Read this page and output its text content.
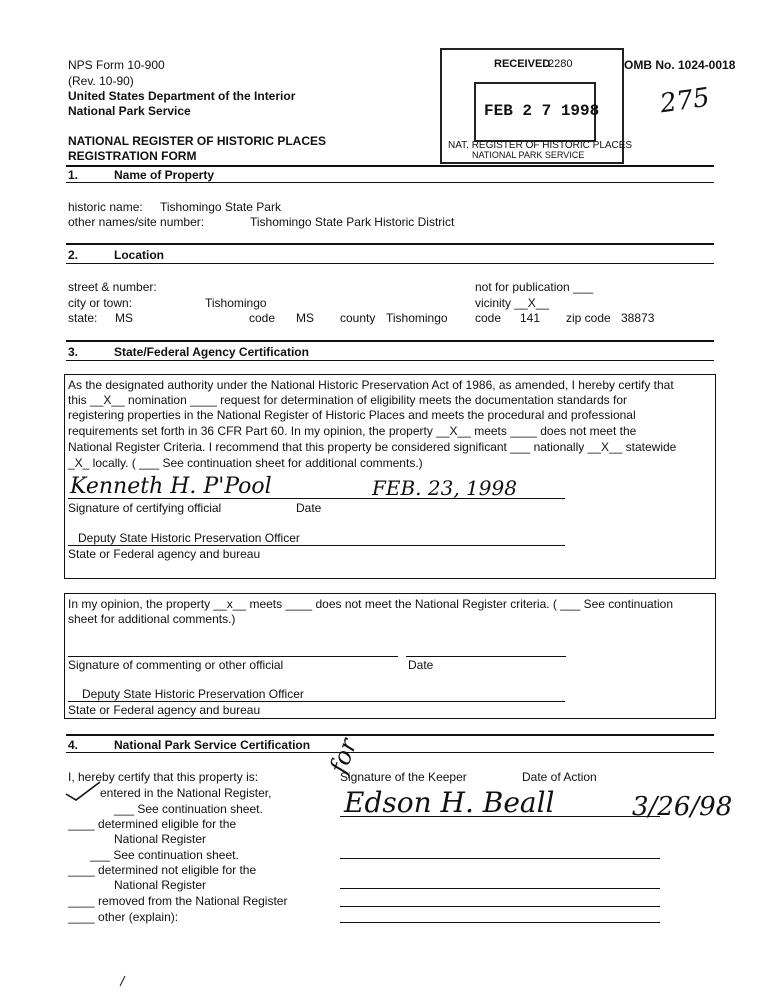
NPS Form 10-900
(Rev. 10-90)
United States Department of the Interior
National Park Service
NATIONAL REGISTER OF HISTORIC PLACES
REGISTRATION FORM
OMB No. 1024-0018
275
RECEIVED
2280
FEB 2 7 1998
NAT. REGISTER OF HISTORIC PLACES
NATIONAL PARK SERVICE
1.	Name of Property
historic name: Tishomingo State Park
other names/site number:	Tishomingo State Park Historic District
2.	Location
street & number:	not for publication ___
city or town:	Tishomingo	vicinity __X__
state: MS	code MS county Tishomingo code 141 zip code 38873
3.	State/Federal Agency Certification
As the designated authority under the National Historic Preservation Act of 1986, as amended, I hereby certify that
this __X__ nomination ____ request for determination of eligibility meets the documentation standards for
registering properties in the National Register of Historic Places and meets the procedural and professional
requirements set forth in 36 CFR Part 60. In my opinion, the property __X__ meets ____ does not meet the
National Register Criteria. I recommend that this property be considered significant ___ nationally __X__ statewide
_X_ locally. ( ___ See continuation sheet for additional comments.)
Kenneth H. P'Pool	FEB. 23, 1998
Signature of certifying official	Date
Deputy State Historic Preservation Officer
State or Federal agency and bureau
In my opinion, the property __x__ meets ____ does not meet the National Register criteria. ( ___ See continuation
sheet for additional comments.)
Signature of commenting or other official	Date
Deputy State Historic Preservation Officer
State or Federal agency and bureau
4.	National Park Service Certification
I, hereby certify that this property is:	Signature of the Keeper	Date of Action
for
Edson H. Beall	3/26/98
entered in the National Register,
___ See continuation sheet.
____ determined eligible for the
National Register
___ See continuation sheet.
____ determined not eligible for the
National Register
____ removed from the National Register
____ other (explain):
